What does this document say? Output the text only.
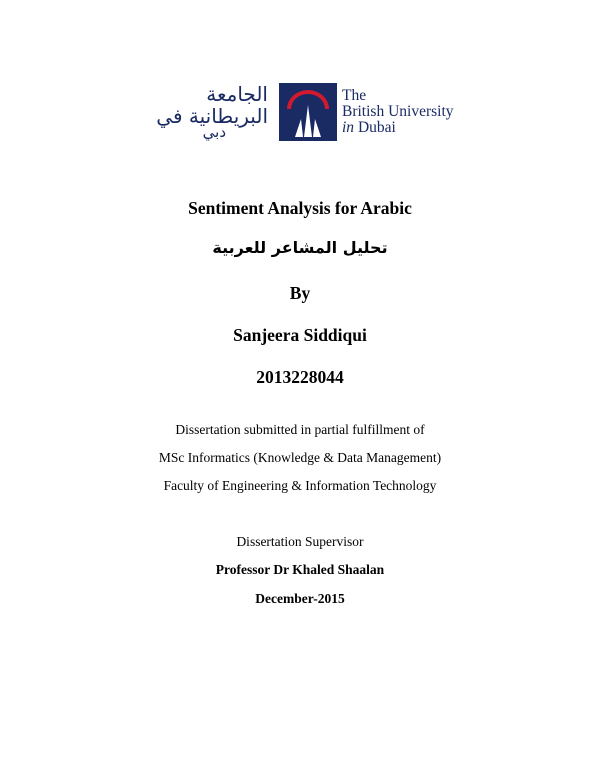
الجامعة
البريطانية في
دبي
The
British University
in Dubai
Sentiment Analysis for Arabic
تحليل المشاعر للعربية
By
Sanjeera Siddiqui
2013228044
Dissertation submitted in partial fulfillment of
MSc Informatics (Knowledge & Data Management)
Faculty of Engineering & Information Technology
Dissertation Supervisor
Professor Dr Khaled Shaalan
December-2015
